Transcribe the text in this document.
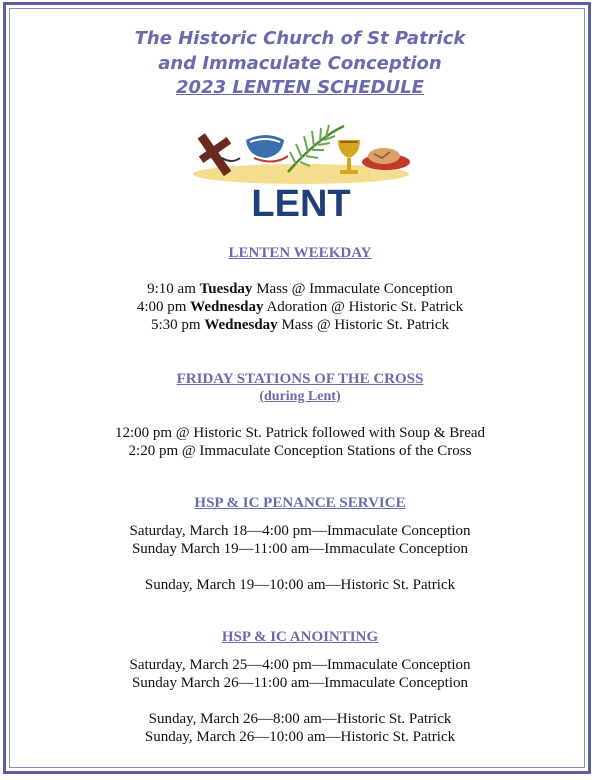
The Historic Church of St Patrick
and Immaculate Conception
2023 LENTEN SCHEDULE
LENT
LENTEN WEEKDAY
9:10 am Tuesday Mass @ Immaculate Conception
4:00 pm Wednesday Adoration @ Historic St. Patrick
5:30 pm Wednesday Mass @ Historic St. Patrick
FRIDAY STATIONS OF THE CROSS
(during Lent)
12:00 pm @ Historic St. Patrick followed with Soup & Bread
2:20 pm @ Immaculate Conception Stations of the Cross
HSP & IC PENANCE SERVICE
Saturday, March 18—4:00 pm—Immaculate Conception
Sunday March 19—11:00 am—Immaculate Conception
Sunday, March 19—10:00 am—Historic St. Patrick
HSP & IC ANOINTING
Saturday, March 25—4:00 pm—Immaculate Conception
Sunday March 26—11:00 am—Immaculate Conception
Sunday, March 26—8:00 am—Historic St. Patrick
Sunday, March 26—10:00 am—Historic St. Patrick
